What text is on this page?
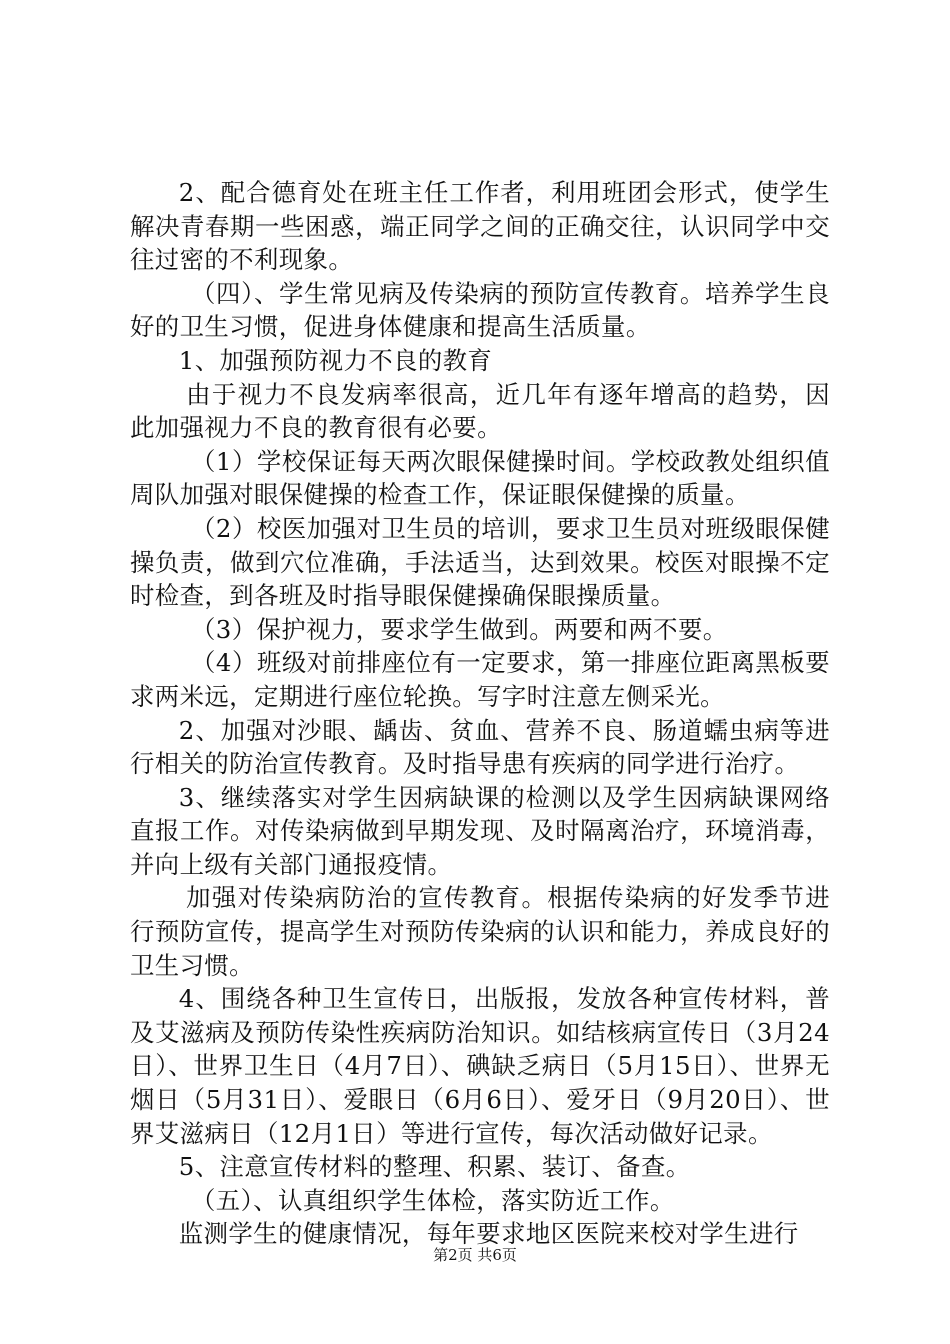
2、配合德育处在班主任工作者，利用班团会形式，使学生解决青春期一些困惑，端正同学之间的正确交往，认识同学中交往过密的不利现象。

（四）、学生常见病及传染病的预防宣传教育。培养学生良好的卫生习惯，促进身体健康和提高生活质量。

1、加强预防视力不良的教育

由于视力不良发病率很高，近几年有逐年增高的趋势，因此加强视力不良的教育很有必要。

（1）学校保证每天两次眼保健操时间。学校政教处组织值周队加强对眼保健操的检查工作，保证眼保健操的质量。

（2）校医加强对卫生员的培训，要求卫生员对班级眼保健操负责，做到穴位准确，手法适当，达到效果。校医对眼操不定时检查，到各班及时指导眼保健操确保眼操质量。

（3）保护视力，要求学生做到。两要和两不要。

（4）班级对前排座位有一定要求，第一排座位距离黑板要求两米远，定期进行座位轮换。写字时注意左侧采光。

2、加强对沙眼、龋齿、贫血、营养不良、肠道蠕虫病等进行相关的防治宣传教育。及时指导患有疾病的同学进行治疗。

3、继续落实对学生因病缺课的检测以及学生因病缺课网络直报工作。对传染病做到早期发现、及时隔离治疗，环境消毒，并向上级有关部门通报疫情。

加强对传染病防治的宣传教育。根据传染病的好发季节进行预防宣传，提高学生对预防传染病的认识和能力，养成良好的卫生习惯。

4、围绕各种卫生宣传日，出版报，发放各种宣传材料，普及艾滋病及预防传染性疾病防治知识。如结核病宣传日（3月24日）、世界卫生日（4月7日）、碘缺乏病日（5月15日）、世界无烟日（5月31日）、爱眼日（6月6日）、爱牙日（9月20日）、世界艾滋病日（12月1日）等进行宣传，每次活动做好记录。

5、注意宣传材料的整理、积累、装订、备查。

（五）、认真组织学生体检，落实防近工作。

监测学生的健康情况，每年要求地区医院来校对学生进行

第2页 共6页
